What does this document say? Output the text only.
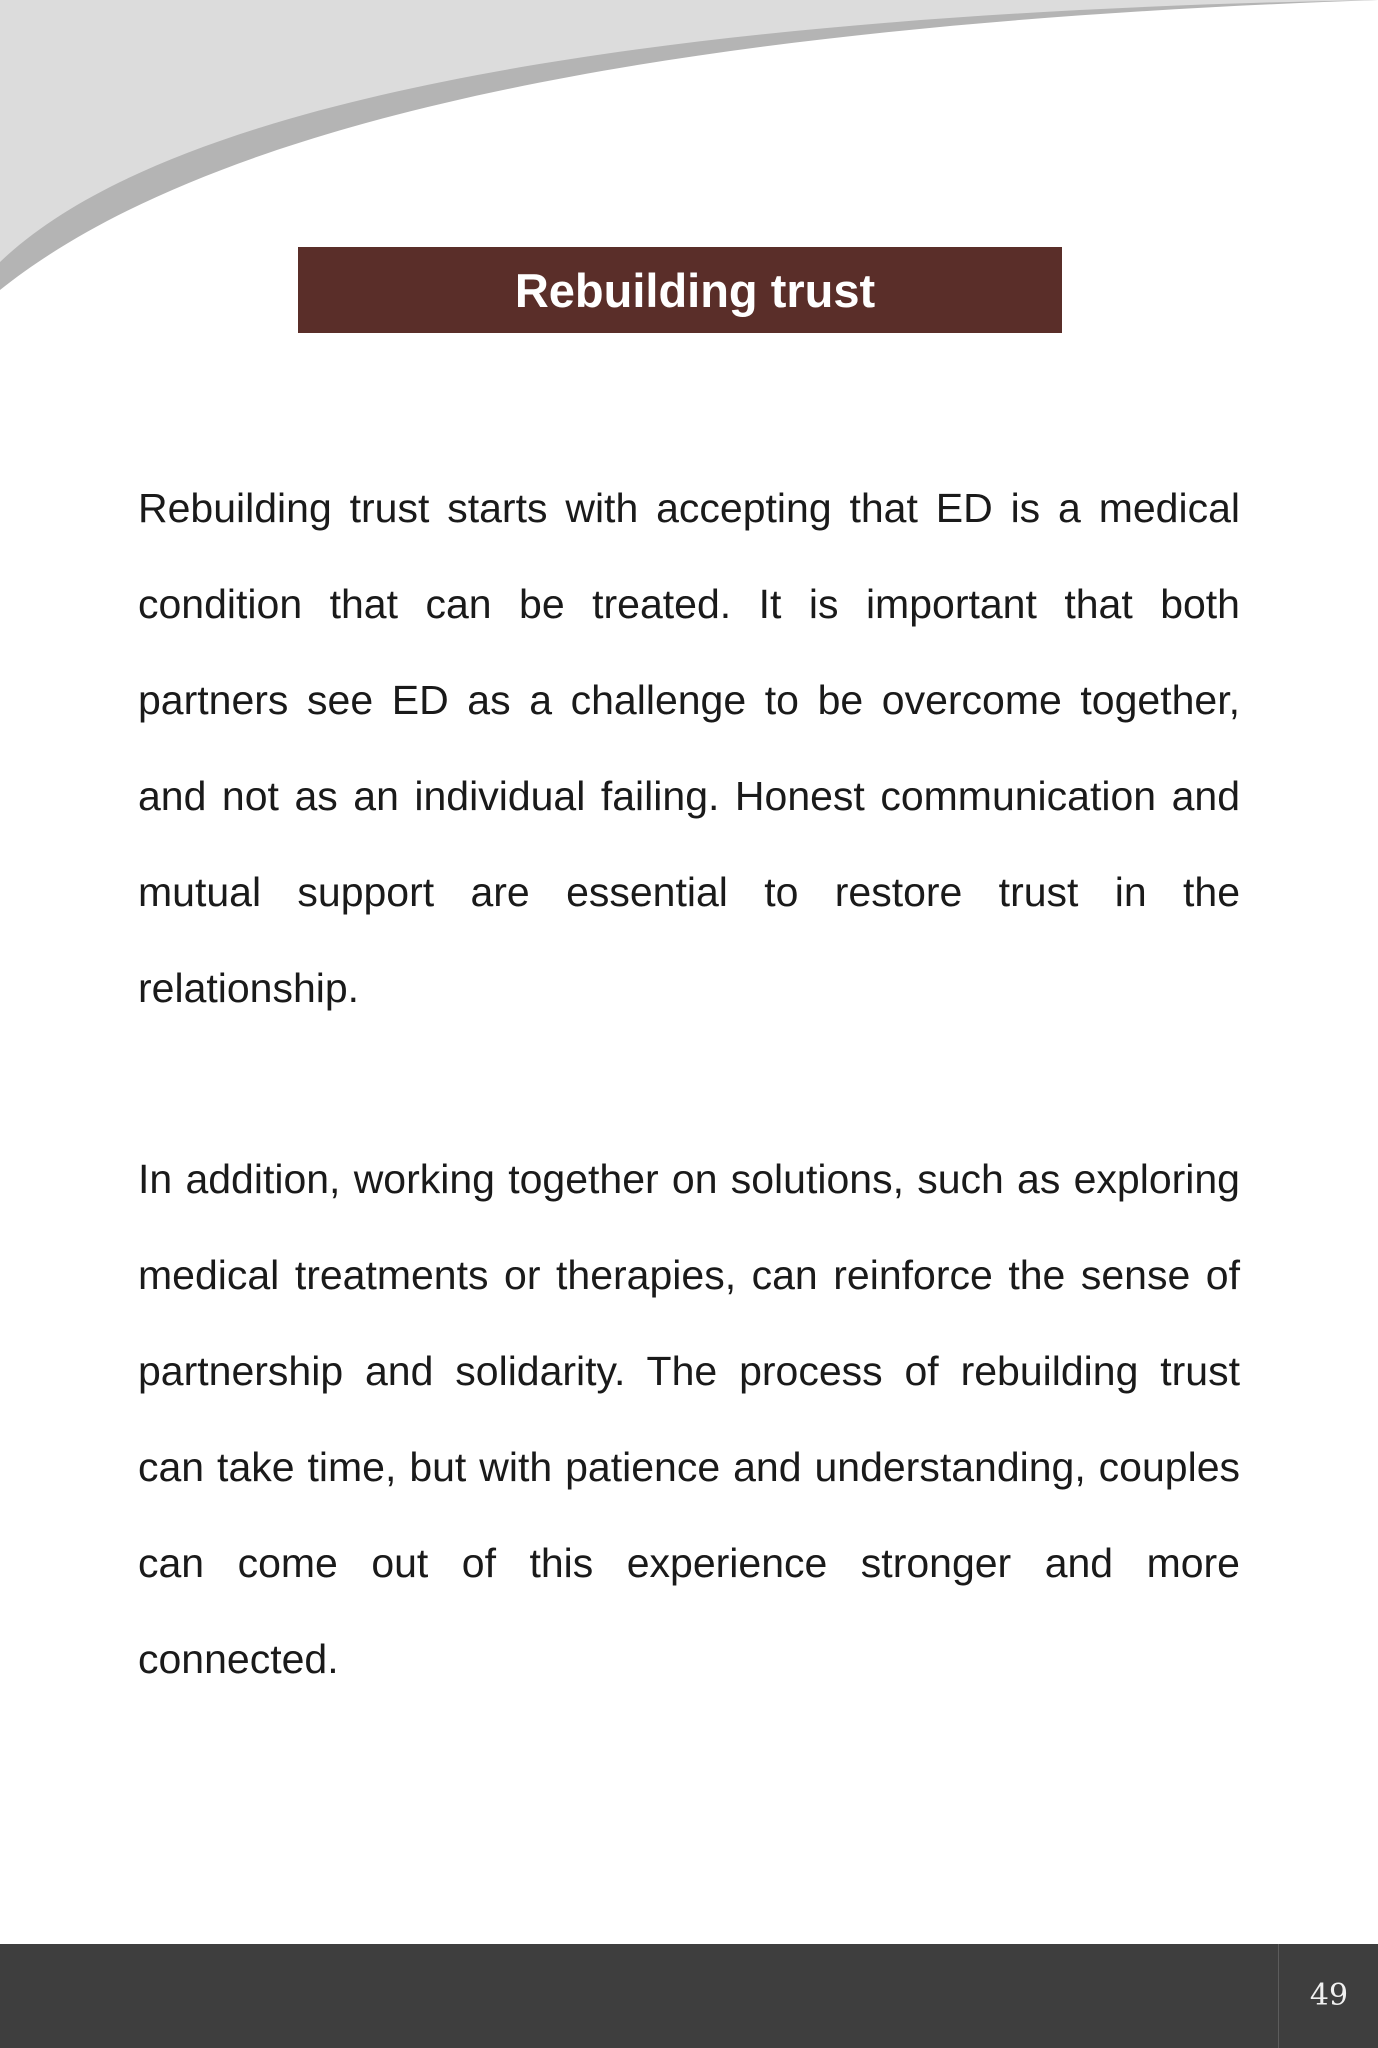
Rebuilding trust

Rebuilding trust starts with accepting that ED is a medical condition that can be treated. It is important that both partners see ED as a challenge to be overcome together, and not as an individual failing. Honest communication and mutual support are essential to restore trust in the relationship.

In addition, working together on solutions, such as exploring medical treatments or therapies, can reinforce the sense of partnership and solidarity. The process of rebuilding trust can take time, but with patience and understanding, couples can come out of this experience stronger and more connected.

49
